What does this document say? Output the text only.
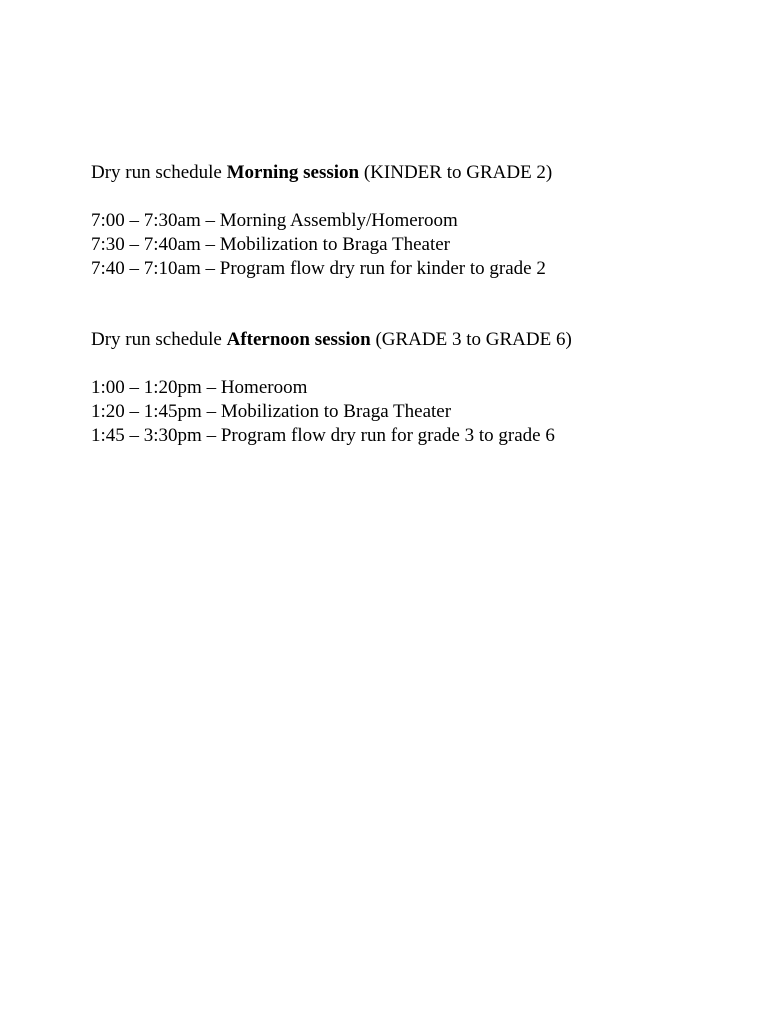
Dry run schedule Morning session (KINDER to GRADE 2)

7:00 – 7:30am – Morning Assembly/Homeroom
7:30 – 7:40am – Mobilization to Braga Theater
7:40 – 7:10am – Program flow dry run for kinder to grade 2

Dry run schedule Afternoon session (GRADE 3 to GRADE 6)

1:00 – 1:20pm – Homeroom
1:20 – 1:45pm – Mobilization to Braga Theater
1:45 – 3:30pm – Program flow dry run for grade 3 to grade 6
